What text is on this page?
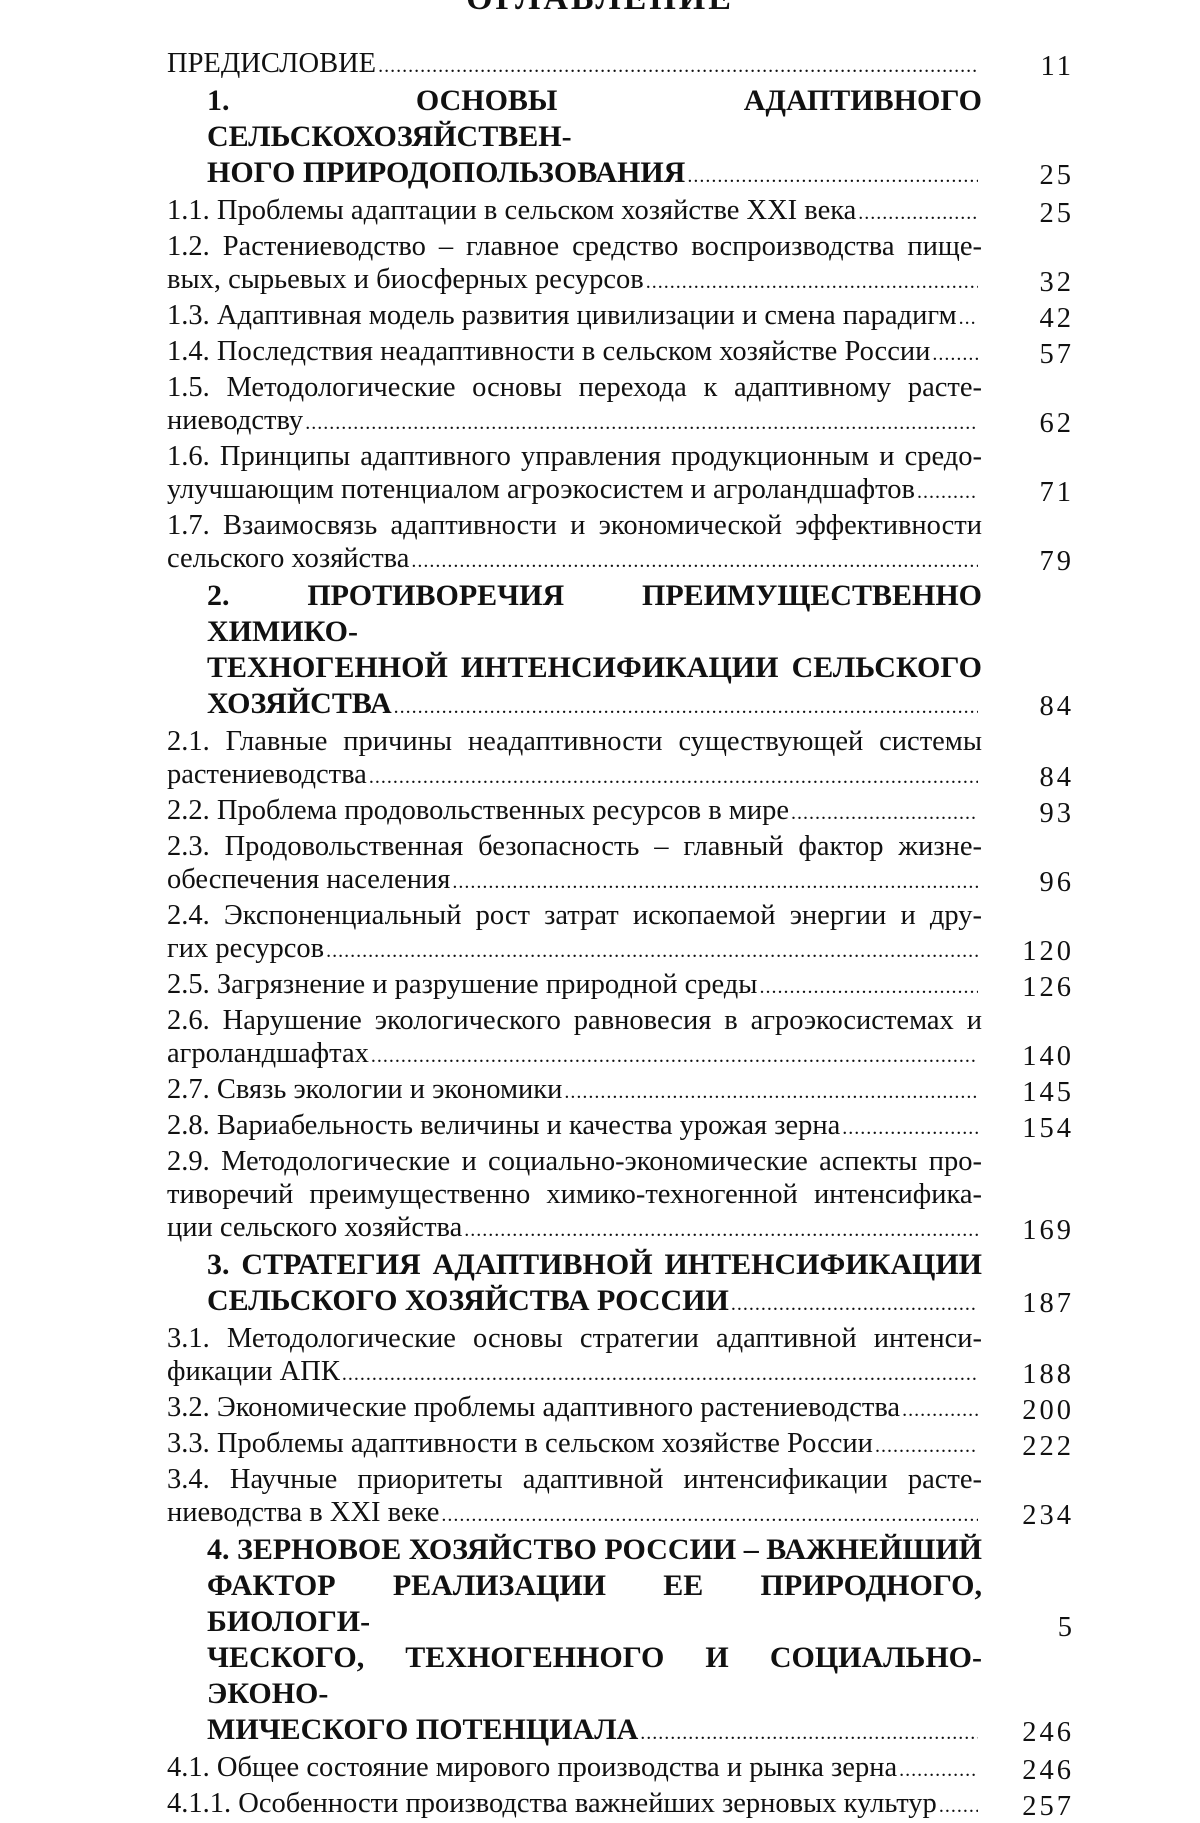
ПРЕДИСЛОВИЕ
.....	11
1. ОСНОВЫ АДАПТИВНОГО СЕЛЬСКОХОЗЯЙСТВЕН-
НОГО ПРИРОДОПОЛЬЗОВАНИЯ
.....	25
1.1. Проблемы адаптации в сельском хозяйстве XXI века
.....	25
1.2. Растениеводство – главное средство воспроизводства пище-
вых, сырьевых и биосферных ресурсов
.....	32
1.3. Адаптивная модель развития цивилизации и смена парадигм
.....	42
1.4. Последствия неадаптивности в сельском хозяйстве России
.....	57
1.5. Методологические основы перехода к адаптивному расте-
ниеводству
.....	62
1.6. Принципы адаптивного управления продукционным и средо-
улучшающим потенциалом агроэкосистем и агроландшафтов
.....	71
1.7. Взаимосвязь адаптивности и экономической эффективности
сельского хозяйства
.....	79
2. ПРОТИВОРЕЧИЯ ПРЕИМУЩЕСТВЕННО ХИМИКО-
ТЕХНОГЕННОЙ ИНТЕНСИФИКАЦИИ СЕЛЬСКОГО
ХОЗЯЙСТВА
.....	84
2.1. Главные причины неадаптивности существующей системы
растениеводства
.....	84
2.2. Проблема продовольственных ресурсов в мире
.....	93
2.3. Продовольственная безопасность – главный фактор жизне-
обеспечения населения
.....	96
2.4. Экспоненциальный рост затрат ископаемой энергии и дру-
гих ресурсов
.....	120
2.5. Загрязнение и разрушение природной среды
.....	126
2.6. Нарушение экологического равновесия в агроэкосистемах и
агроландшафтах
.....	140
2.7. Связь экологии и экономики
.....	145
2.8. Вариабельность величины и качества урожая зерна
.....	154
2.9. Методологические и социально-экономические аспекты про-
тиворечий преимущественно химико-техногенной интенсифика-
ции сельского хозяйства
.....	169
3. СТРАТЕГИЯ АДАПТИВНОЙ ИНТЕНСИФИКАЦИИ
СЕЛЬСКОГО ХОЗЯЙСТВА РОССИИ
.....	187
3.1. Методологические основы стратегии адаптивной интенси-
фикации АПК
.....	188
3.2. Экономические проблемы адаптивного растениеводства
.....	200
3.3. Проблемы адаптивности в сельском хозяйстве России
.....	222
3.4. Научные приоритеты адаптивной интенсификации расте-
ниеводства в XXI веке
.....	234
4. ЗЕРНОВОЕ ХОЗЯЙСТВО РОССИИ – ВАЖНЕЙШИЙ
ФАКТОР РЕАЛИЗАЦИИ ЕЕ ПРИРОДНОГО, БИОЛОГИ-
ЧЕСКОГО, ТЕХНОГЕННОГО И СОЦИАЛЬНО-ЭКОНО-
МИЧЕСКОГО ПОТЕНЦИАЛА
.....	246
4.1. Общее состояние мирового производства и рынка зерна
.....	246
4.1.1. Особенности производства важнейших зерновых культур
.....	257
5
